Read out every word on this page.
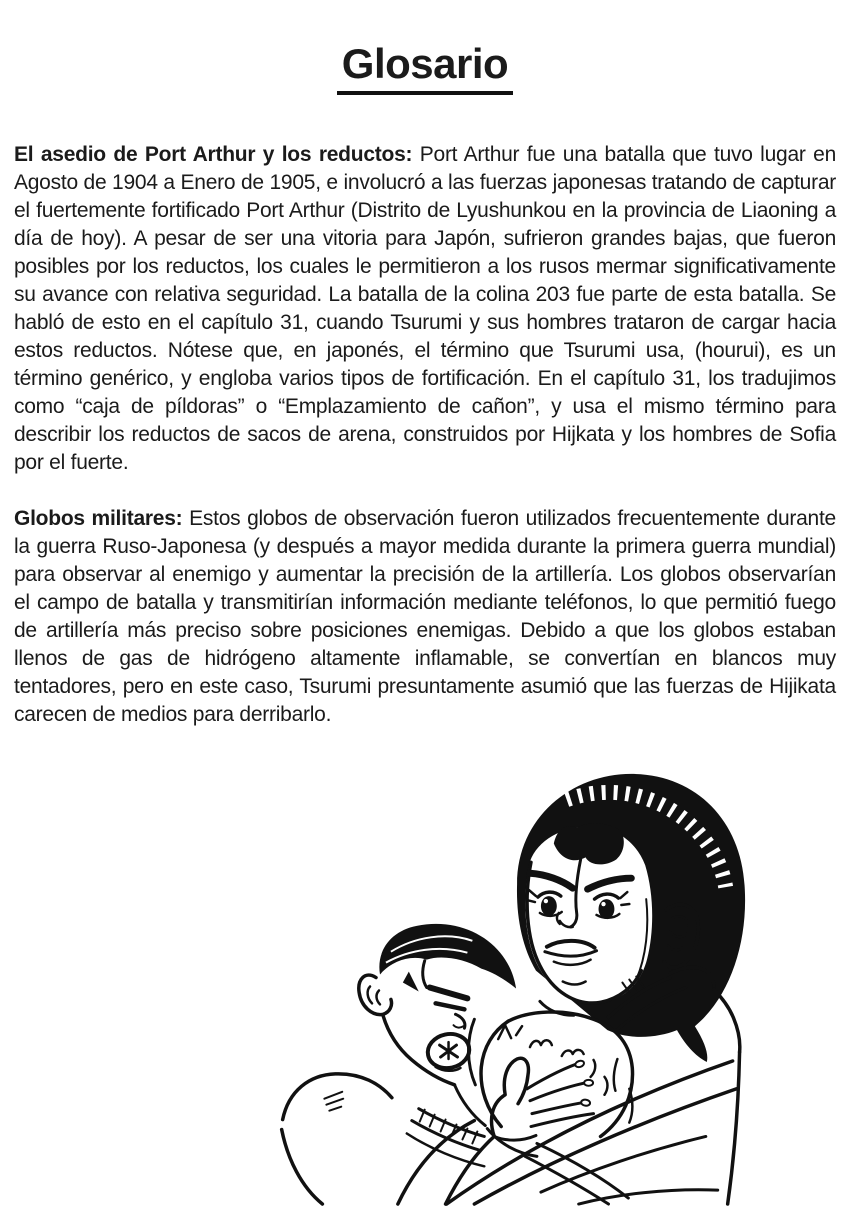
Glosario

El asedio de Port Arthur y los reductos: Port Arthur fue una batalla que tuvo lugar en Agosto de 1904 a Enero de 1905, e involucró a las fuerzas japonesas tratando de capturar el fuertemente fortificado Port Arthur (Distrito de Lyushunkou en la provincia de Liaoning a día de hoy). A pesar de ser una vitoria para Japón, sufrieron grandes bajas, que fueron posibles por los reductos, los cuales le permitieron a los rusos mermar significativamente su avance con relativa seguridad. La batalla de la colina 203 fue parte de esta batalla. Se habló de esto en el capítulo 31, cuando Tsurumi y sus hombres trataron de cargar hacia estos reductos. Nótese que, en japonés, el término que Tsurumi usa, (hourui), es un término genérico, y engloba varios tipos de fortificación. En el capítulo 31, los tradujimos como “caja de píldoras” o “Emplazamiento de cañon”, y usa el mismo término para describir los reductos de sacos de arena, construidos por Hijkata y los hombres de Sofia por el fuerte.

Globos militares: Estos globos de observación fueron utilizados frecuentemente durante la guerra Ruso-Japonesa (y después a mayor medida durante la primera guerra mundial) para observar al enemigo y aumentar la precisión de la artillería. Los globos observarían el campo de batalla y transmitirían información mediante teléfonos, lo que permitió fuego de artillería más preciso sobre posiciones enemigas. Debido a que los globos estaban llenos de gas de hidrógeno altamente inflamable, se convertían en blancos muy tentadores, pero en este caso, Tsurumi presuntamente asumió que las fuerzas de Hijikata carecen de medios para derribarlo.
